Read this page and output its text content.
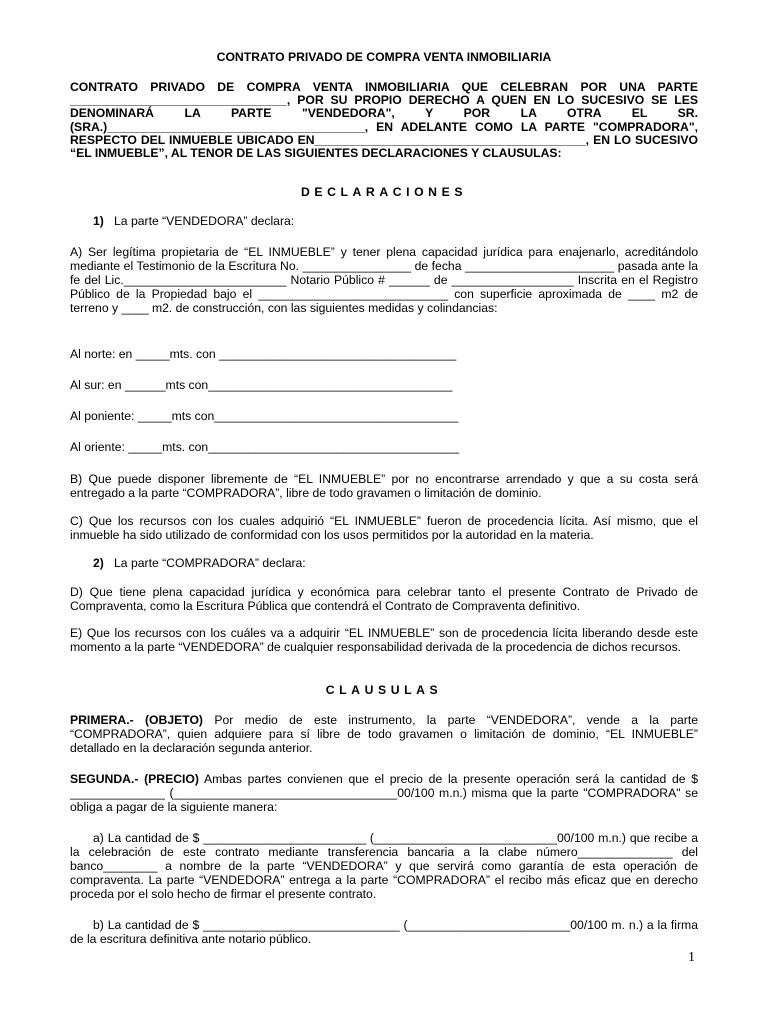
CONTRATO PRIVADO DE COMPRA VENTA INMOBILIARIA

CONTRATO PRIVADO DE COMPRA VENTA INMOBILIARIA QUE CELEBRAN POR UNA PARTE ________________________________, POR SU PROPIO DERECHO A QUEN EN LO SUCESIVO SE LES DENOMINARÁ LA PARTE "VENDEDORA", Y POR LA OTRA EL SR. (SRA.)______________________________________, EN ADELANTE COMO LA PARTE "COMPRADORA", RESPECTO DEL INMUEBLE UBICADO EN________________________________________, EN LO SUCESIVO “EL INMUEBLE”, AL TENOR DE LAS SIGUIENTES DECLARACIONES Y CLAUSULAS:

DECLARACIONES

1) La parte “VENDEDORA” declara:

A) Ser legítima propietaria de “EL INMUEBLE” y tener plena capacidad jurídica para enajenarlo, acreditándolo mediante el Testimonio de la Escritura No. ________________ de fecha ______________________ pasada ante la fe del Lic.________________________ Notario Público # ______ de __________________ Inscrita en el Registro Público de la Propiedad bajo el ____________________________ con superficie aproximada de ____ m2 de terreno y ____ m2. de construcción, con las siguientes medidas y colindancias:

Al norte: en _____mts. con ___________________________________

Al sur: en ______mts con____________________________________

Al poniente: _____mts con____________________________________

Al oriente: _____mts. con_____________________________________

B) Que puede disponer libremente de “EL INMUEBLE” por no encontrarse arrendado y que a su costa será entregado a la parte “COMPRADORA”, libre de todo gravamen o limitación de dominio.

C) Que los recursos con los cuales adquirió “EL INMUEBLE” fueron de procedencia lícita. Así mismo, que el inmueble ha sido utilizado de conformidad con los usos permitidos por la autoridad en la materia.

2) La parte “COMPRADORA” declara:

D) Que tiene plena capacidad jurídica y económica para celebrar tanto el presente Contrato de Privado de Compraventa, como la Escritura Pública que contendrá el Contrato de Compraventa definitivo.

E) Que los recursos con los cuáles va a adquirir “EL INMUEBLE” son de procedencia lícita liberando desde este momento a la parte “VENDEDORA” de cualquier responsabilidad derivada de la procedencia de dichos recursos.

CLAUSULAS

PRIMERA.- (OBJETO) Por medio de este instrumento, la parte “VENDEDORA”, vende a la parte “COMPRADORA”, quien adquiere para sí libre de todo gravamen o limitación de dominio, “EL INMUEBLE” detallado en la declaración segunda anterior.

SEGUNDA.- (PRECIO) Ambas partes convienen que el precio de la presente operación será la cantidad de $ ______________ (_________________________________00/100 m.n.) misma que la parte "COMPRADORA" se obliga a pagar de la siguiente manera:

a) La cantidad de $ ________________________ (___________________________00/100 m.n.) que recibe a la celebración de este contrato mediante transferencia bancaria a la clabe número______________ del banco________ a nombre de la parte “VENDEDORA” y que servirá como garantía de esta operación de compraventa. La parte “VENDEDORA” entrega a la parte “COMPRADORA” el recibo más eficaz que en derecho proceda por el solo hecho de firmar el presente contrato.

b) La cantidad de $ _____________________________ (________________________00/100 m. n.) a la firma de la escritura definitiva ante notario público.

1
